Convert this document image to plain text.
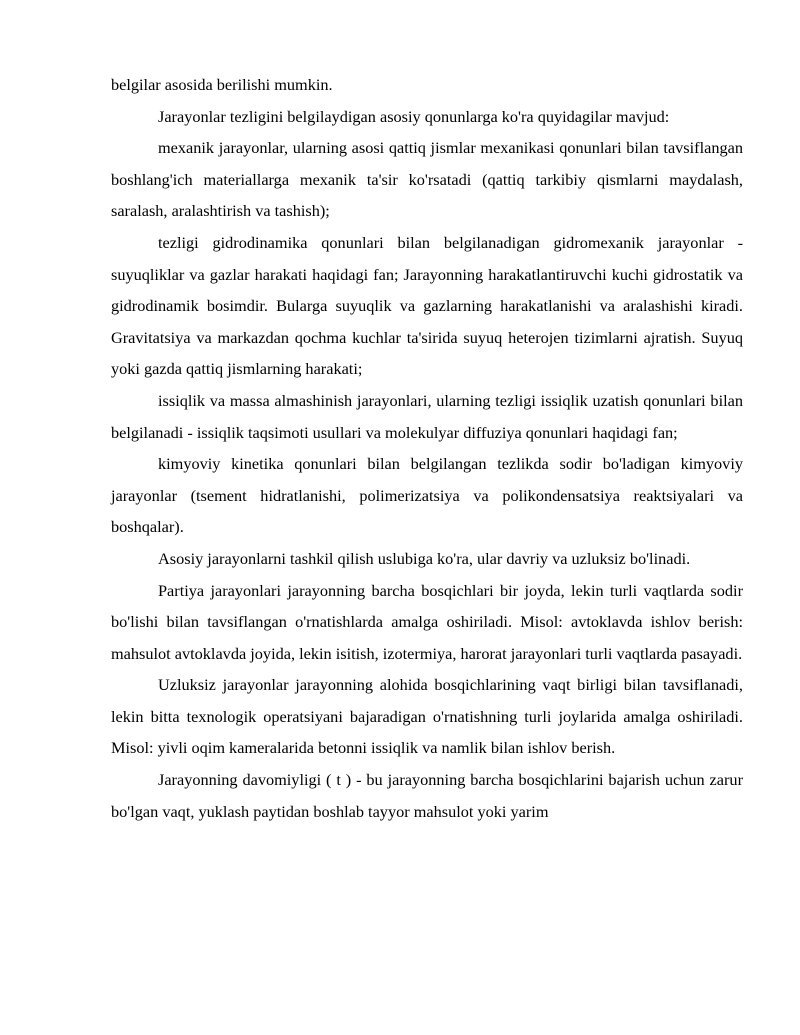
belgilar asosida berilishi mumkin.

Jarayonlar tezligini belgilaydigan asosiy qonunlarga ko'ra quyidagilar mavjud:

mexanik jarayonlar, ularning asosi qattiq jismlar mexanikasi qonunlari bilan tavsiflangan boshlang'ich materiallarga mexanik ta'sir ko'rsatadi (qattiq tarkibiy qismlarni maydalash, saralash, aralashtirish va tashish);

tezligi gidrodinamika qonunlari bilan belgilanadigan gidromexanik jarayonlar - suyuqliklar va gazlar harakati haqidagi fan; Jarayonning harakatlantiruvchi kuchi gidrostatik va gidrodinamik bosimdir. Bularga suyuqlik va gazlarning harakatlanishi va aralashishi kiradi. Gravitatsiya va markazdan qochma kuchlar ta'sirida suyuq heterojen tizimlarni ajratish. Suyuq yoki gazda qattiq jismlarning harakati;

issiqlik va massa almashinish jarayonlari, ularning tezligi issiqlik uzatish qonunlari bilan belgilanadi - issiqlik taqsimoti usullari va molekulyar diffuziya qonunlari haqidagi fan;

kimyoviy kinetika qonunlari bilan belgilangan tezlikda sodir bo'ladigan kimyoviy jarayonlar (tsement hidratlanishi, polimerizatsiya va polikondensatsiya reaktsiyalari va boshqalar).

Asosiy jarayonlarni tashkil qilish uslubiga ko'ra, ular davriy va uzluksiz bo'linadi.

Partiya jarayonlari jarayonning barcha bosqichlari bir joyda, lekin turli vaqtlarda sodir bo'lishi bilan tavsiflangan o'rnatishlarda amalga oshiriladi. Misol: avtoklavda ishlov berish: mahsulot avtoklavda joyida, lekin isitish, izotermiya, harorat jarayonlari turli vaqtlarda pasayadi.

Uzluksiz jarayonlar jarayonning alohida bosqichlarining vaqt birligi bilan tavsiflanadi, lekin bitta texnologik operatsiyani bajaradigan o'rnatishning turli joylarida amalga oshiriladi. Misol: yivli oqim kameralarida betonni issiqlik va namlik bilan ishlov berish.

Jarayonning davomiyligi ( t ) - bu jarayonning barcha bosqichlarini bajarish uchun zarur bo'lgan vaqt, yuklash paytidan boshlab tayyor mahsulot yoki yarim
